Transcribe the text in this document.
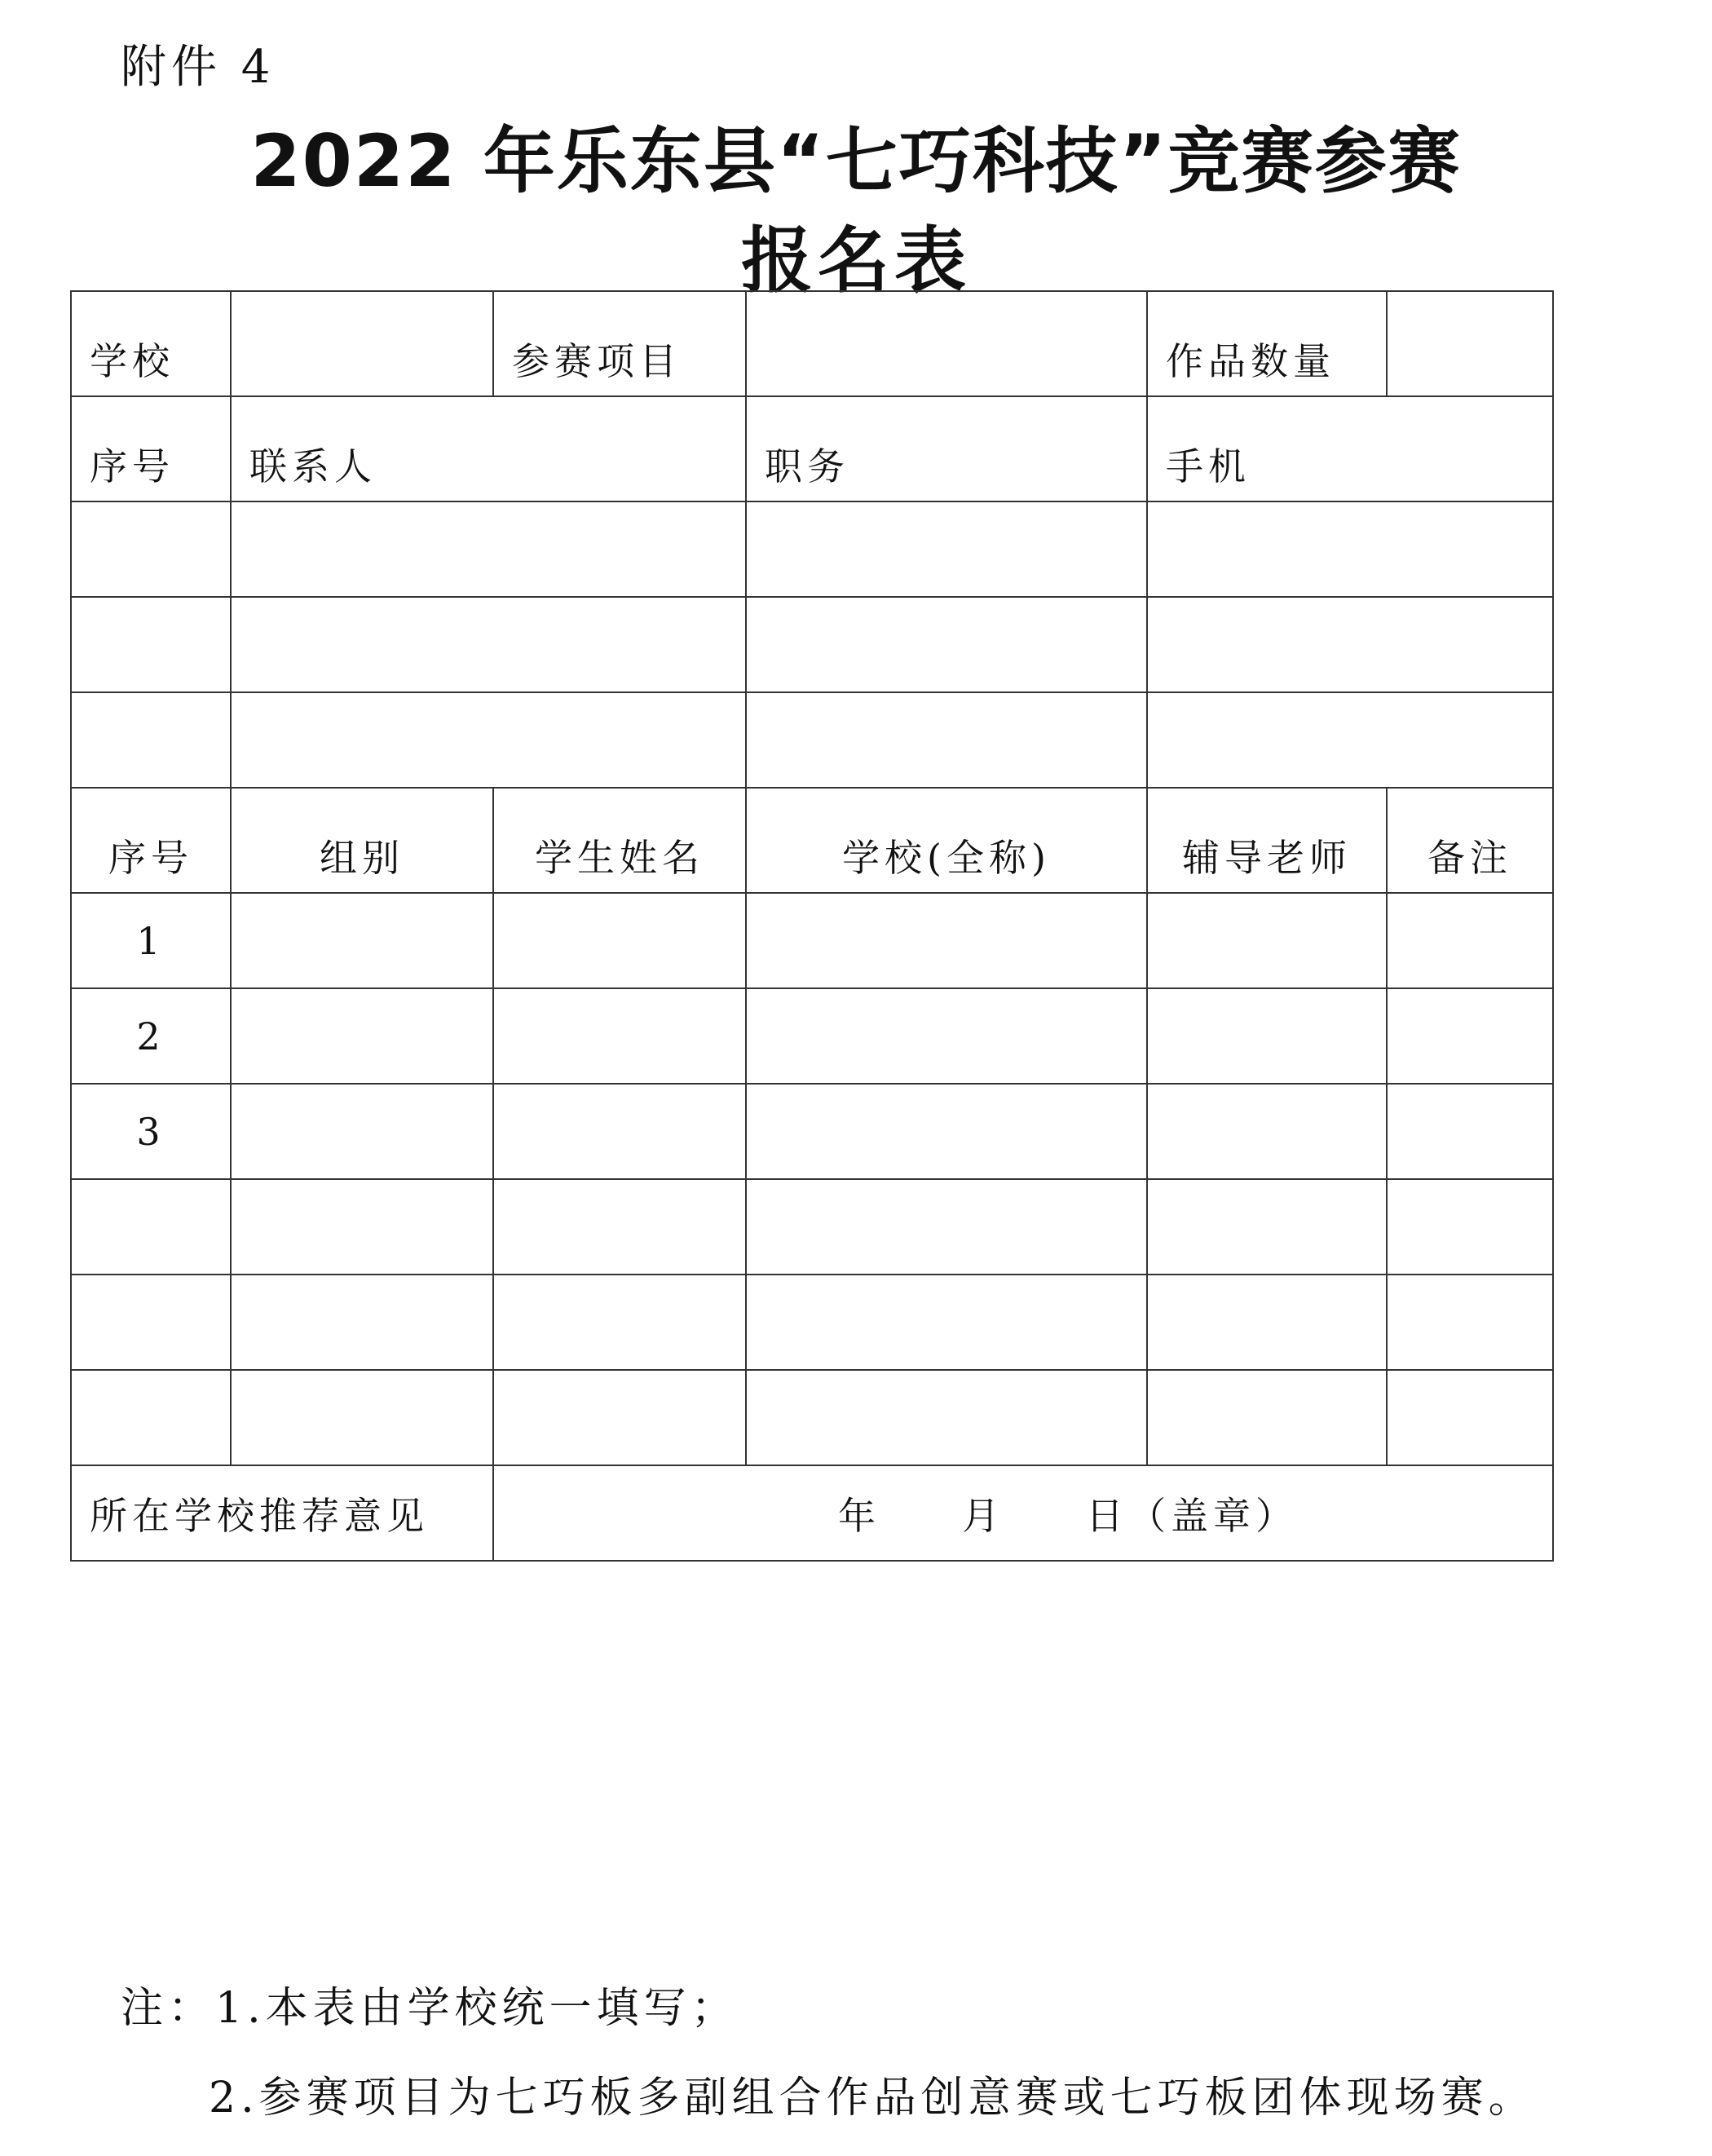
附件 4
2022 年乐东县“七巧科技”竞赛参赛
报名表
学校		参赛项目		作品数量	
序号	联系人		职务	手机	

序号	组别	学生姓名	学校(全称)	辅导老师	备注
1					
2					
3					

所在学校推荐意见		年 月 日（盖章）			
注：1.本表由学校统一填写；
2.参赛项目为七巧板多副组合作品创意赛或七巧板团体现场赛。
